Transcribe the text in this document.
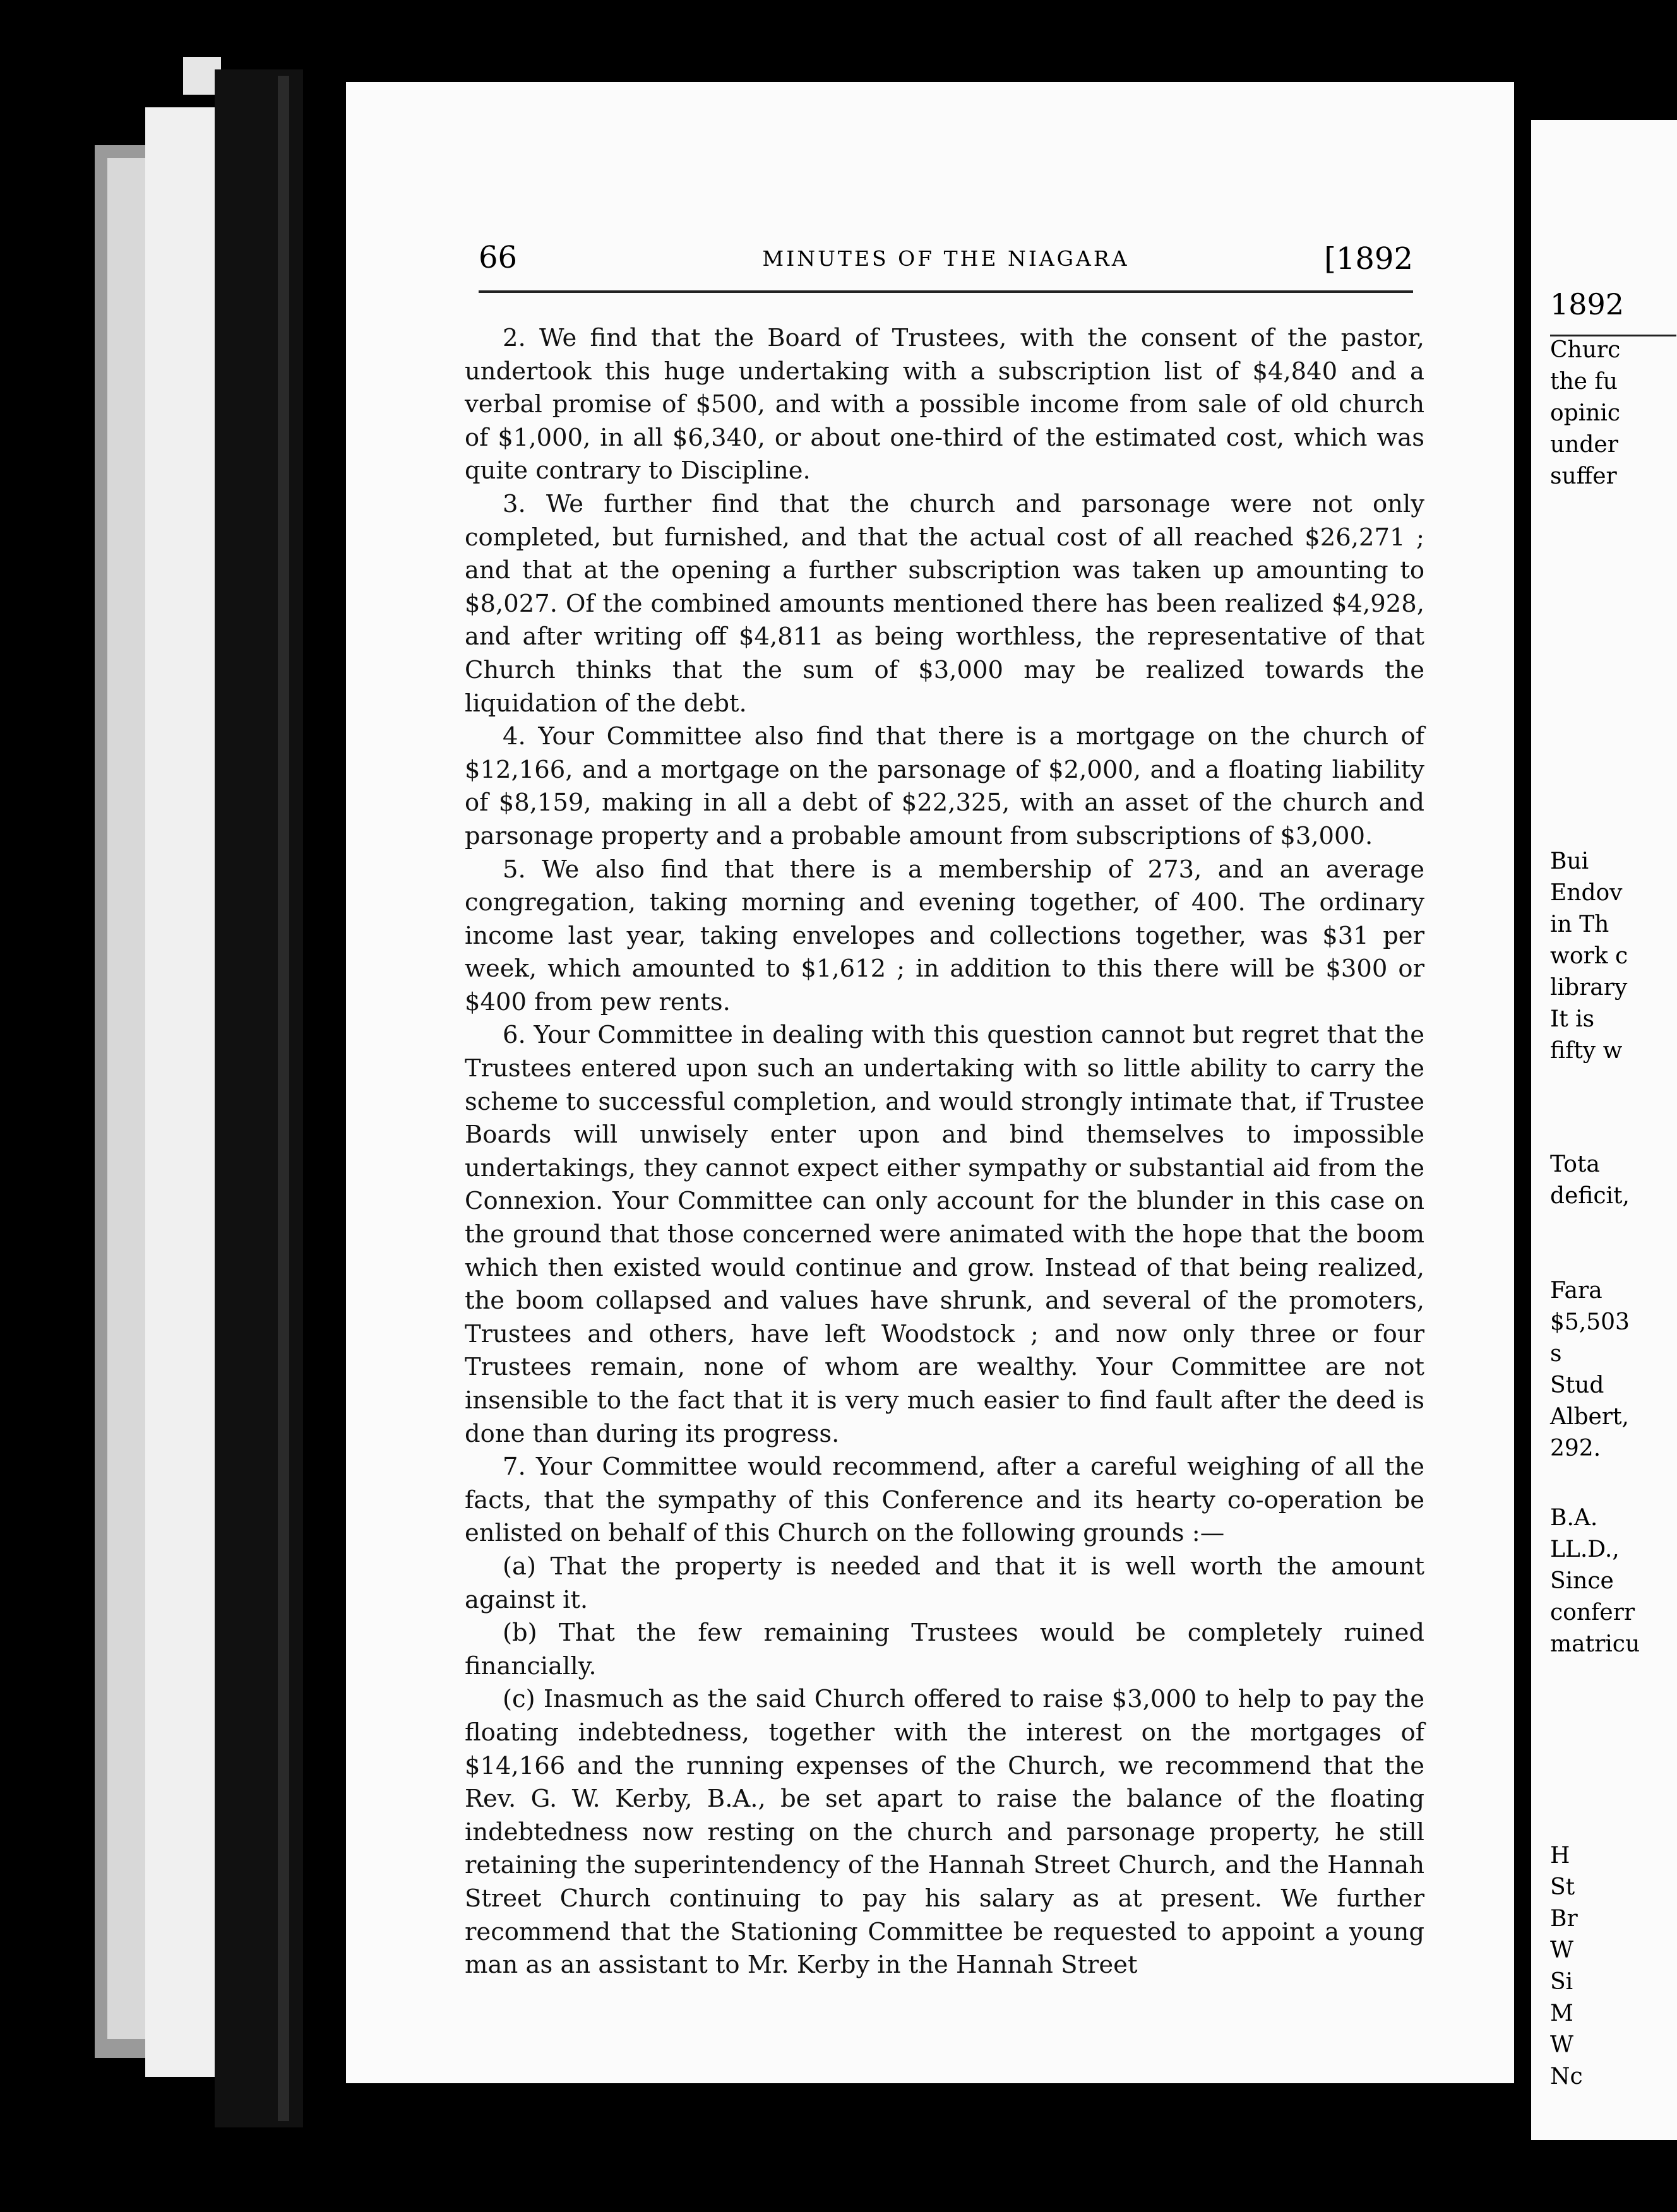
66	MINUTES OF THE NIAGARA	[1892

2. We find that the Board of Trustees, with the consent of the pastor, undertook this huge undertaking with a subscription list of $4,840 and a verbal promise of $500, and with a possible income from sale of old church of $1,000, in all $6,340, or about one-third of the estimated cost, which was quite contrary to Discipline.

3. We further find that the church and parsonage were not only completed, but furnished, and that the actual cost of all reached $26,271 ; and that at the opening a further subscription was taken up amounting to $8,027. Of the combined amounts mentioned there has been realized $4,928, and after writing off $4,811 as being worthless, the representative of that Church thinks that the sum of $3,000 may be realized towards the liquidation of the debt.

4. Your Committee also find that there is a mortgage on the church of $12,166, and a mortgage on the parsonage of $2,000, and a floating liability of $8,159, making in all a debt of $22,325, with an asset of the church and parsonage property and a probable amount from subscriptions of $3,000.

5. We also find that there is a membership of 273, and an average congregation, taking morning and evening together, of 400. The ordinary income last year, taking envelopes and collections together, was $31 per week, which amounted to $1,612 ; in addition to this there will be $300 or $400 from pew rents.

6. Your Committee in dealing with this question cannot but regret that the Trustees entered upon such an undertaking with so little ability to carry the scheme to successful completion, and would strongly intimate that, if Trustee Boards will unwisely enter upon and bind themselves to impossible undertakings, they cannot expect either sympathy or substantial aid from the Connexion. Your Committee can only account for the blunder in this case on the ground that those concerned were animated with the hope that the boom which then existed would continue and grow. Instead of that being realized, the boom collapsed and values have shrunk, and several of the promoters, Trustees and others, have left Woodstock ; and now only three or four Trustees remain, none of whom are wealthy. Your Committee are not insensible to the fact that it is very much easier to find fault after the deed is done than during its progress.

7. Your Committee would recommend, after a careful weighing of all the facts, that the sympathy of this Conference and its hearty co-operation be enlisted on behalf of this Church on the following grounds :—

(a) That the property is needed and that it is well worth the amount against it.

(b) That the few remaining Trustees would be completely ruined financially.

(c) Inasmuch as the said Church offered to raise $3,000 to help to pay the floating indebtedness, together with the interest on the mortgages of $14,166 and the running expenses of the Church, we recommend that the Rev. G. W. Kerby, B.A., be set apart to raise the balance of the floating indebtedness now resting on the church and parsonage property, he still retaining the superintendency of the Hannah Street Church, and the Hannah Street Church continuing to pay his salary as at present. We further recommend that the Stationing Committee be requested to appoint a young man as an assistant to Mr. Kerby in the Hannah Street

1892
Churc
the fu
opinic
under
suffer
Bui
Endov
in Th
work c
library
It is
fifty w
Tota
deficit,
Fara
$5,503
s
Stud
Albert,
292.
B.A.
LL.D.,
Since
conferr
matricu
H
St
Br
W
Si
M
W
Nc
